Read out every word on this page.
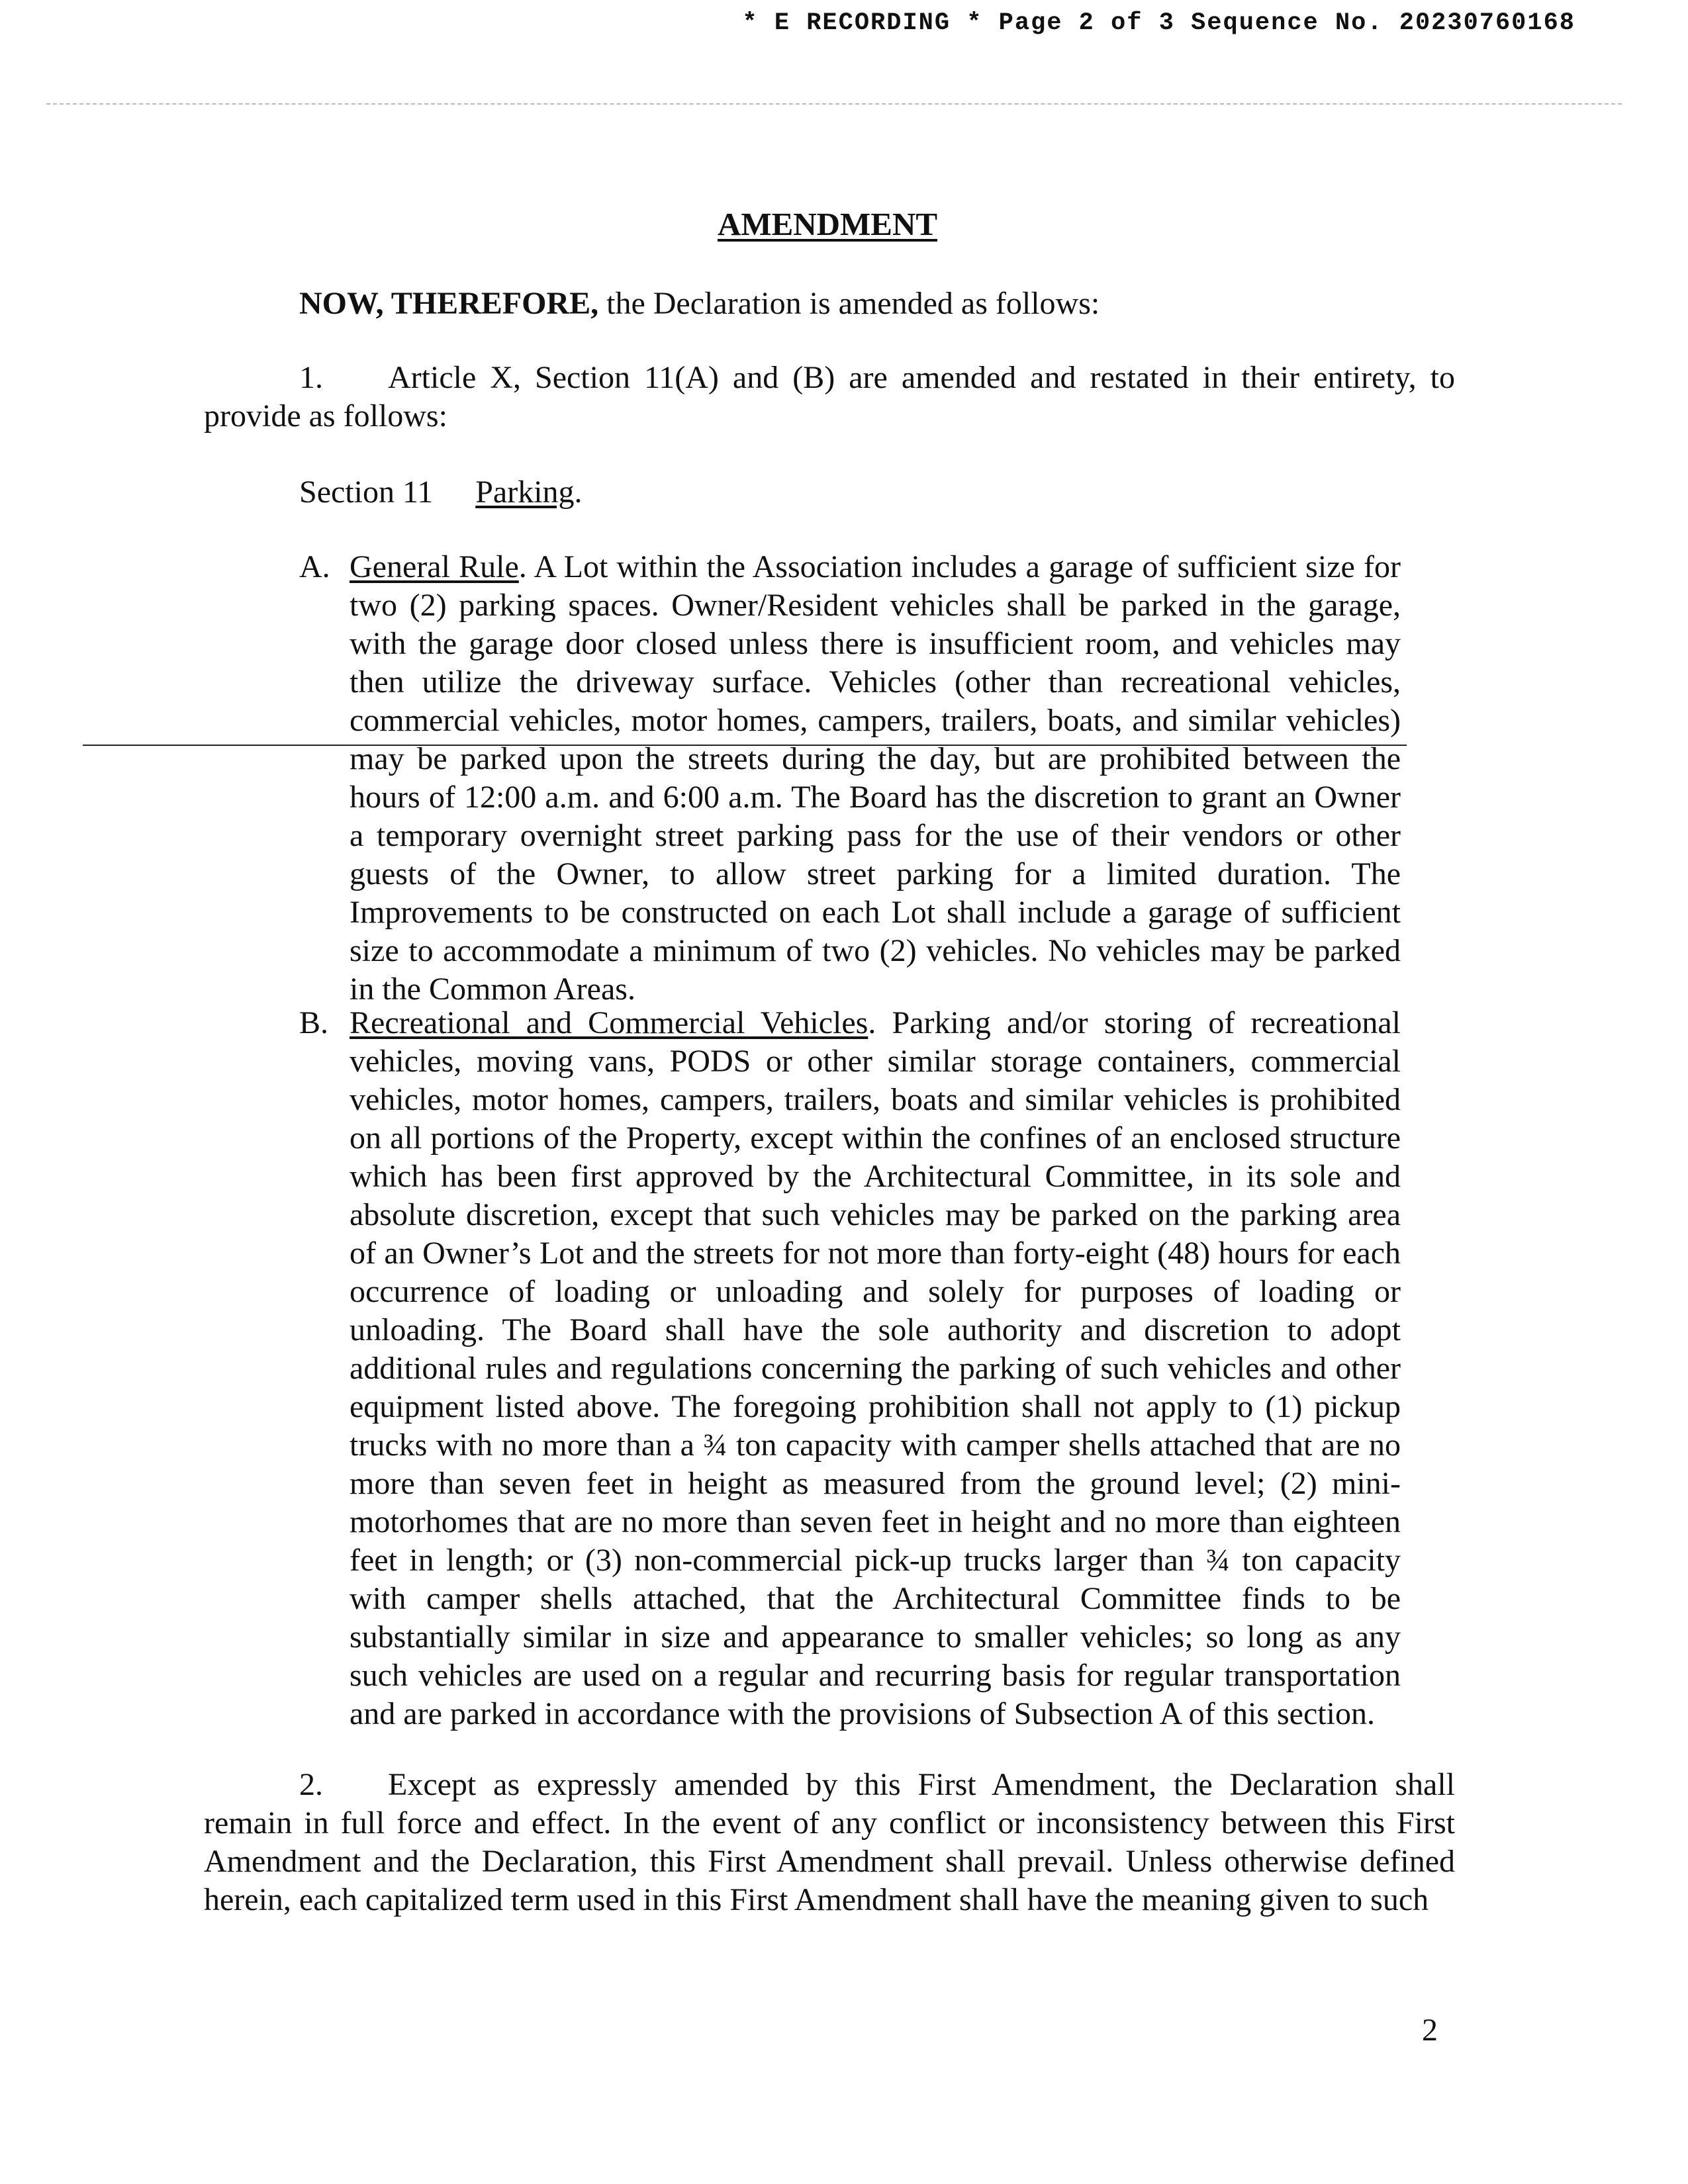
* E RECORDING * Page 2 of 3 Sequence No. 20230760168
AMENDMENT

NOW, THEREFORE, the Declaration is amended as follows:

1. Article X, Section 11(A) and (B) are amended and restated in their entirety, to provide as follows:

Section 11 Parking.

A. General Rule. A Lot within the Association includes a garage of sufficient size for two (2) parking spaces. Owner/Resident vehicles shall be parked in the garage, with the garage door closed unless there is insufficient room, and vehicles may then utilize the driveway surface. Vehicles (other than recreational vehicles, commercial vehicles, motor homes, campers, trailers, boats, and similar vehicles) may be parked upon the streets during the day, but are prohibited between the hours of 12:00 a.m. and 6:00 a.m. The Board has the discretion to grant an Owner a temporary overnight street parking pass for the use of their vendors or other guests of the Owner, to allow street parking for a limited duration. The Improvements to be constructed on each Lot shall include a garage of sufficient size to accommodate a minimum of two (2) vehicles. No vehicles may be parked in the Common Areas.
B. Recreational and Commercial Vehicles. Parking and/or storing of recreational vehicles, moving vans, PODS or other similar storage containers, commercial vehicles, motor homes, campers, trailers, boats and similar vehicles is prohibited on all portions of the Property, except within the confines of an enclosed structure which has been first approved by the Architectural Committee, in its sole and absolute discretion, except that such vehicles may be parked on the parking area of an Owner’s Lot and the streets for not more than forty-eight (48) hours for each occurrence of loading or unloading and solely for purposes of loading or unloading. The Board shall have the sole authority and discretion to adopt additional rules and regulations concerning the parking of such vehicles and other equipment listed above. The foregoing prohibition shall not apply to (1) pickup trucks with no more than a ¾ ton capacity with camper shells attached that are no more than seven feet in height as measured from the ground level; (2) mini-motorhomes that are no more than seven feet in height and no more than eighteen feet in length; or (3) non-commercial pick-up trucks larger than ¾ ton capacity with camper shells attached, that the Architectural Committee finds to be substantially similar in size and appearance to smaller vehicles; so long as any such vehicles are used on a regular and recurring basis for regular transportation and are parked in accordance with the provisions of Subsection A of this section.

2. Except as expressly amended by this First Amendment, the Declaration shall remain in full force and effect. In the event of any conflict or inconsistency between this First Amendment and the Declaration, this First Amendment shall prevail. Unless otherwise defined herein, each capitalized term used in this First Amendment shall have the meaning given to such

2
